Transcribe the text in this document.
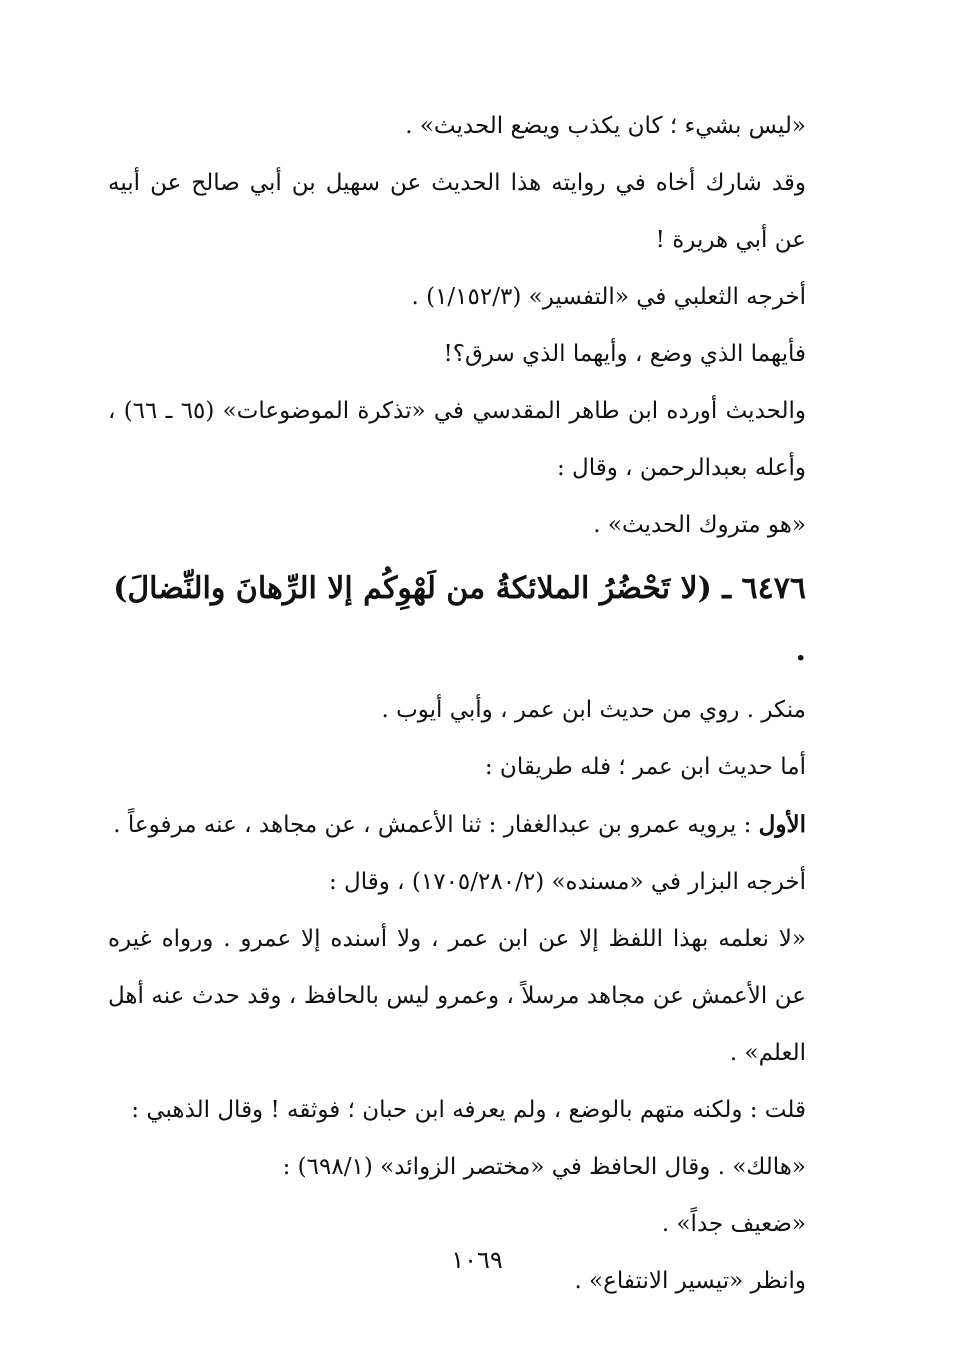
«ليس بشيء ؛ كان يكذب ويضع الحديث» .

وقد شارك أخاه في روايته هذا الحديث عن سهيل بن أبي صالح عن أبيه عن أبي هريرة !

أخرجه الثعلبي في «التفسير» (١/١٥٢/٣) .

فأيهما الذي وضع ، وأيهما الذي سرق؟!

والحديث أورده ابن طاهر المقدسي في «تذكرة الموضوعات» (٦٥ ـ ٦٦) ، وأعله بعبدالرحمن ، وقال :

«هو متروك الحديث» .

٦٤٧٦ ـ (لا تَحْضُرُ الملائكةُ من لَهْوِكُم إلا الرِّهانَ والنِّضالَ) .

منكر . روي من حديث ابن عمر ، وأبي أيوب .

أما حديث ابن عمر ؛ فله طريقان :

الأول : يرويه عمرو بن عبدالغفار : ثنا الأعمش ، عن مجاهد ، عنه مرفوعاً .

أخرجه البزار في «مسنده» (١٧٠٥/٢٨٠/٢) ، وقال :

«لا نعلمه بهذا اللفظ إلا عن ابن عمر ، ولا أسنده إلا عمرو . ورواه غيره عن الأعمش عن مجاهد مرسلاً ، وعمرو ليس بالحافظ ، وقد حدث عنه أهل العلم» .

قلت : ولكنه متهم بالوضع ، ولم يعرفه ابن حبان ؛ فوثقه ! وقال الذهبي :

«هالك» . وقال الحافظ في «مختصر الزوائد» (٦٩٨/١) :

«ضعيف جداً» .

وانظر «تيسير الانتفاع» .

١٠٦٩
